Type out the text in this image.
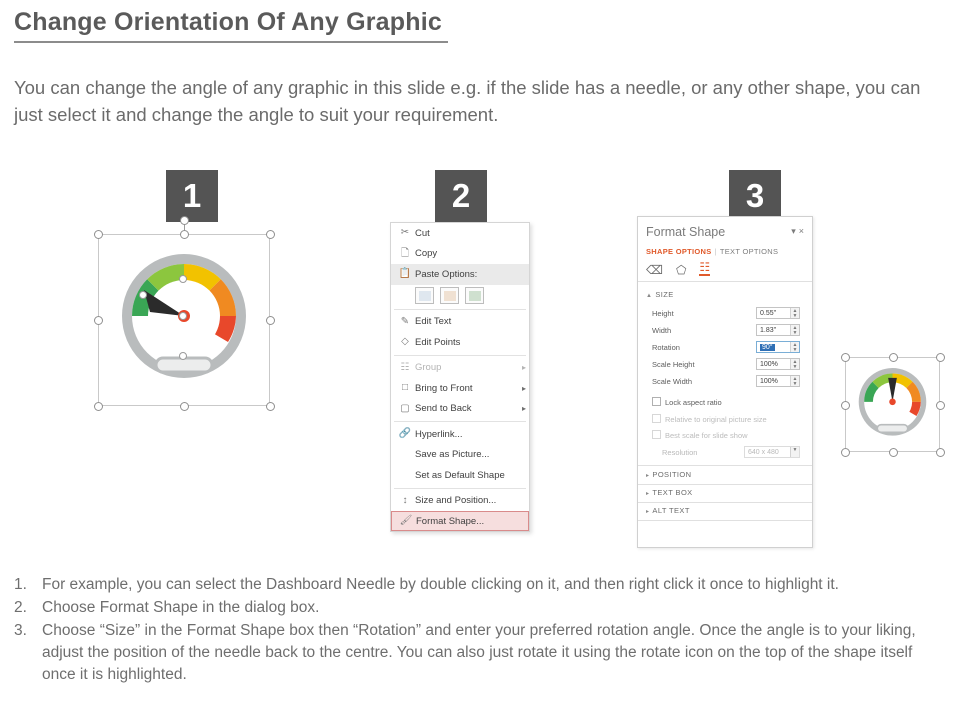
Change Orientation Of Any Graphic
You can change the angle of any graphic in this slide e.g. if the slide has a needle, or any other shape, you can just select it and change the angle to suit your requirement.
1	2	3
✂ Cut
🗋 Copy
📋 Paste Options:
✎ Edit Text
◇ Edit Points
☷ Group	▸
□ Bring to Front	▸
▢ Send to Back	▸
🔗 Hyperlink...
Save as Picture...
Set as Default Shape
↕ Size and Position...
🖌 Format Shape...
Format Shape	▾×
SHAPE OPTIONS | TEXT OPTIONS
⌫ ⬠ ☷
▲ SIZE
Height	0.55"	▲
▼
Width	1.83"	▲
▼
Rotation	90°	▲
▼
Scale Height	100%	▲
▼
Scale Width	100%	▲
▼
Lock aspect ratio
Relative to original picture size
Best scale for slide show
Resolution	640 x 480	▼
▸ POSITION
▸ TEXT BOX
▸ ALT TEXT
1. For example, you can select the Dashboard Needle by double clicking on it, and then right click it once to highlight it.
2. Choose Format Shape in the dialog box.
3. Choose “Size” in the Format Shape box then “Rotation” and enter your preferred rotation angle. Once the angle is to your liking, adjust the position of the needle back to the centre. You can also just rotate it using the rotate icon on the top of the shape itself once it is highlighted.
